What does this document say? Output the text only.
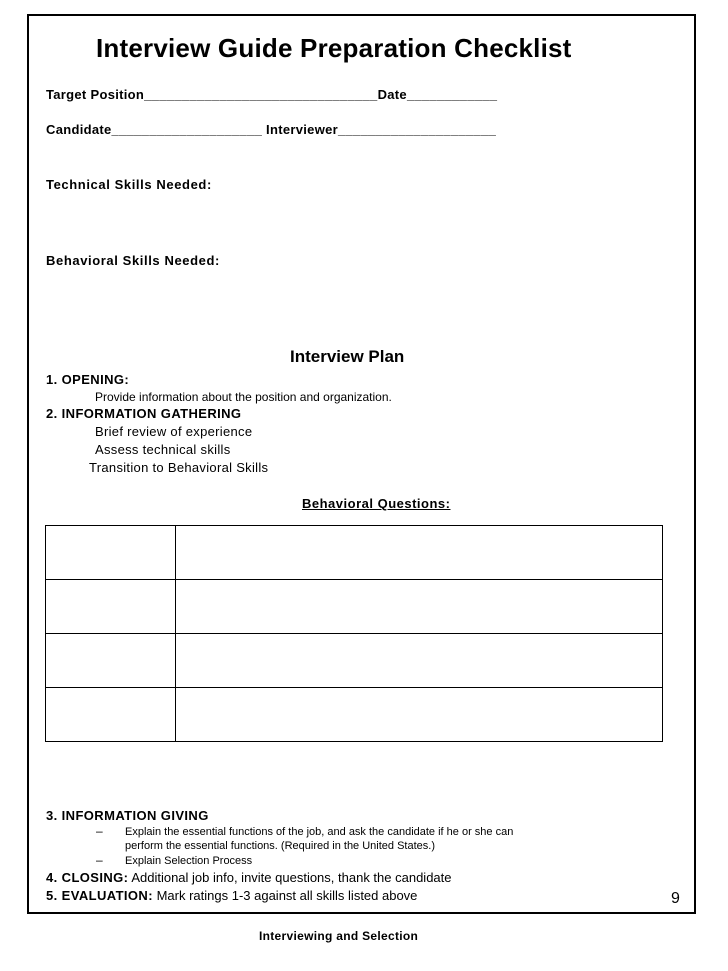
Interview Guide Preparation Checklist
Target Position_______________________________Date____________
Candidate____________________ Interviewer_____________________
Technical Skills Needed:
Behavioral Skills Needed:
Interview Plan
1. OPENING:
Provide information about the position and organization.
2. INFORMATION GATHERING
Brief review of experience
Assess technical skills
Transition to Behavioral Skills
Behavioral Questions:

3. INFORMATION GIVING
– Explain the essential functions of the job, and ask the candidate if he or she can
perform the essential functions. (Required in the United States.)
– Explain Selection Process
4. CLOSING: Additional job info, invite questions, thank the candidate
5. EVALUATION: Mark ratings 1-3 against all skills listed above	9
Interviewing and Selection
